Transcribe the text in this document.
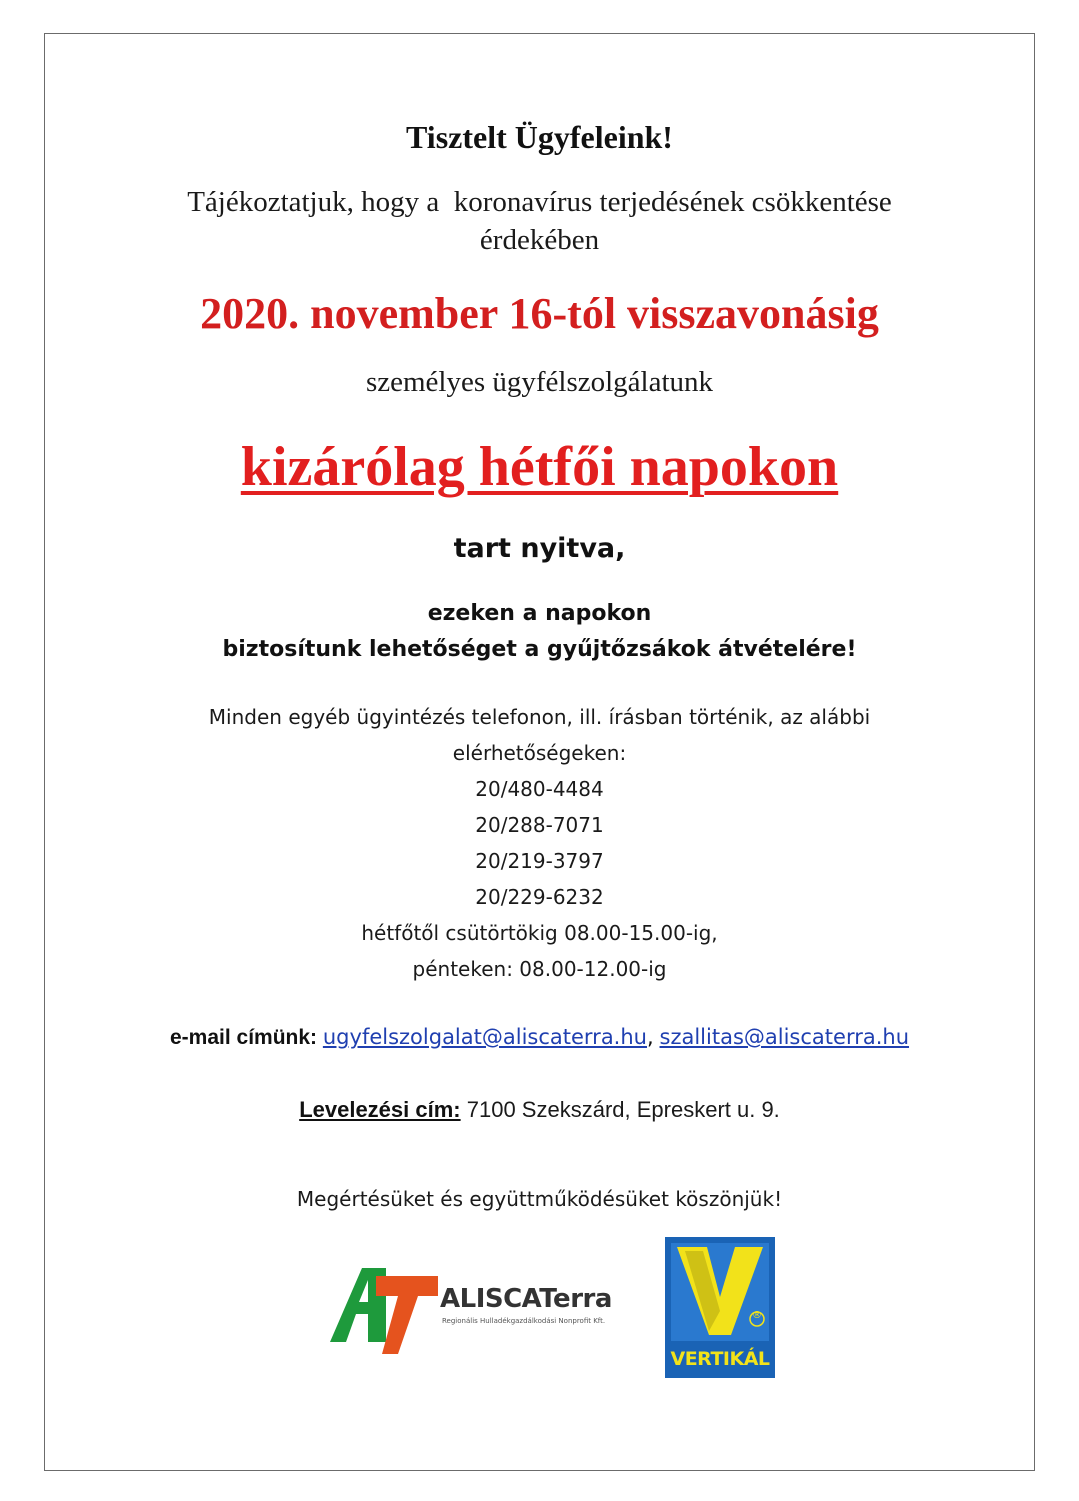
Tisztelt Ügyfeleink!
Tájékoztatjuk, hogy a  koronavírus terjedésének csökkentése
érdekében
2020. november 16-tól visszavonásig
személyes ügyfélszolgálatunk
kizárólag hétfői napokon
tart nyitva,
ezeken a napokon
biztosítunk lehetőséget a gyűjtőzsákok átvételére!
Minden egyéb ügyintézés telefonon, ill. írásban történik, az alábbi
elérhetőségeken:
20/480-4484
20/288-7071
20/219-3797
20/229-6232
hétfőtől csütörtökig 08.00-15.00-ig,
pénteken: 08.00-12.00-ig
e-mail címünk: ugyfelszolgalat@aliscaterra.hu, szallitas@aliscaterra.hu
Levelezési cím: 7100 Szekszárd, Epreskert u. 9.
Megértésüket és együttműködésüket köszönjük!
ALISCATerra
Regionális Hulladékgazdálkodási Nonprofit Kft.	®
VERTIKÁL
